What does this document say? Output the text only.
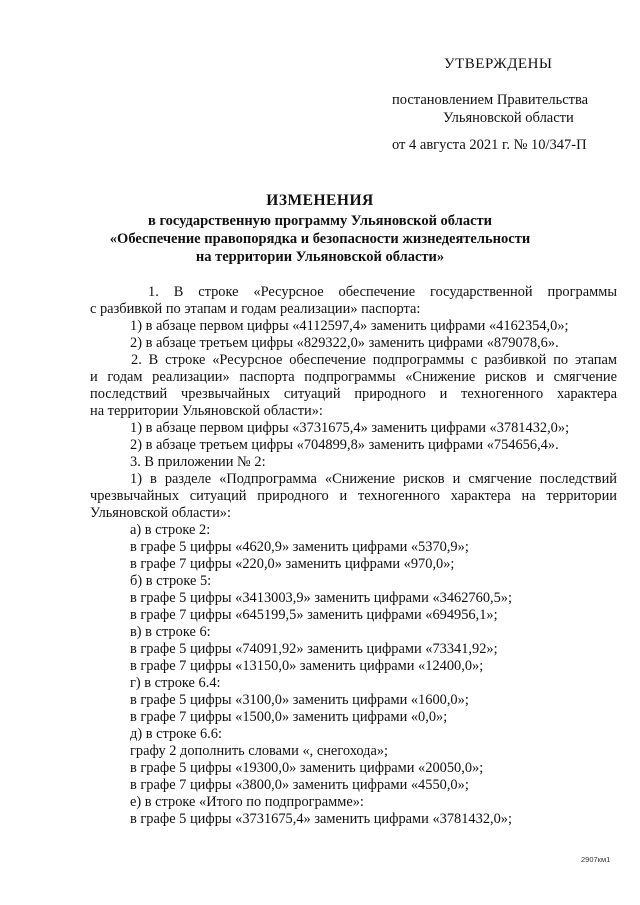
УТВЕРЖДЕНЫ
постановлением Правительства
Ульяновской области
от 4 августа 2021 г. № 10/347-П
ИЗМЕНЕНИЯ
в государственную программу Ульяновской области
«Обеспечение правопорядка и безопасности жизнедеятельности
на территории Ульяновской области»
1. В строке «Ресурсное обеспечение государственной программы
с разбивкой по этапам и годам реализации» паспорта:
1) в абзаце первом цифры «4112597,4» заменить цифрами «4162354,0»;
2) в абзаце третьем цифры «829322,0» заменить цифрами «879078,6».
2. В строке «Ресурсное обеспечение подпрограммы с разбивкой по этапам
и годам реализации» паспорта подпрограммы «Снижение рисков и смягчение
последствий чрезвычайных ситуаций природного и техногенного характера
на территории Ульяновской области»:
1) в абзаце первом цифры «3731675,4» заменить цифрами «3781432,0»;
2) в абзаце третьем цифры «704899,8» заменить цифрами «754656,4».
3. В приложении № 2:
1) в разделе «Подпрограмма «Снижение рисков и смягчение последствий
чрезвычайных ситуаций природного и техногенного характера на территории
Ульяновской области»:
а) в строке 2:
в графе 5 цифры «4620,9» заменить цифрами «5370,9»;
в графе 7 цифры «220,0» заменить цифрами «970,0»;
б) в строке 5:
в графе 5 цифры «3413003,9» заменить цифрами «3462760,5»;
в графе 7 цифры «645199,5» заменить цифрами «694956,1»;
в) в строке 6:
в графе 5 цифры «74091,92» заменить цифрами «73341,92»;
в графе 7 цифры «13150,0» заменить цифрами «12400,0»;
г) в строке 6.4:
в графе 5 цифры «3100,0» заменить цифрами «1600,0»;
в графе 7 цифры «1500,0» заменить цифрами «0,0»;
д) в строке 6.6:
графу 2 дополнить словами «, снегохода»;
в графе 5 цифры «19300,0» заменить цифрами «20050,0»;
в графе 7 цифры «3800,0» заменить цифрами «4550,0»;
е) в строке «Итого по подпрограмме»:
в графе 5 цифры «3731675,4» заменить цифрами «3781432,0»;
2907км1
